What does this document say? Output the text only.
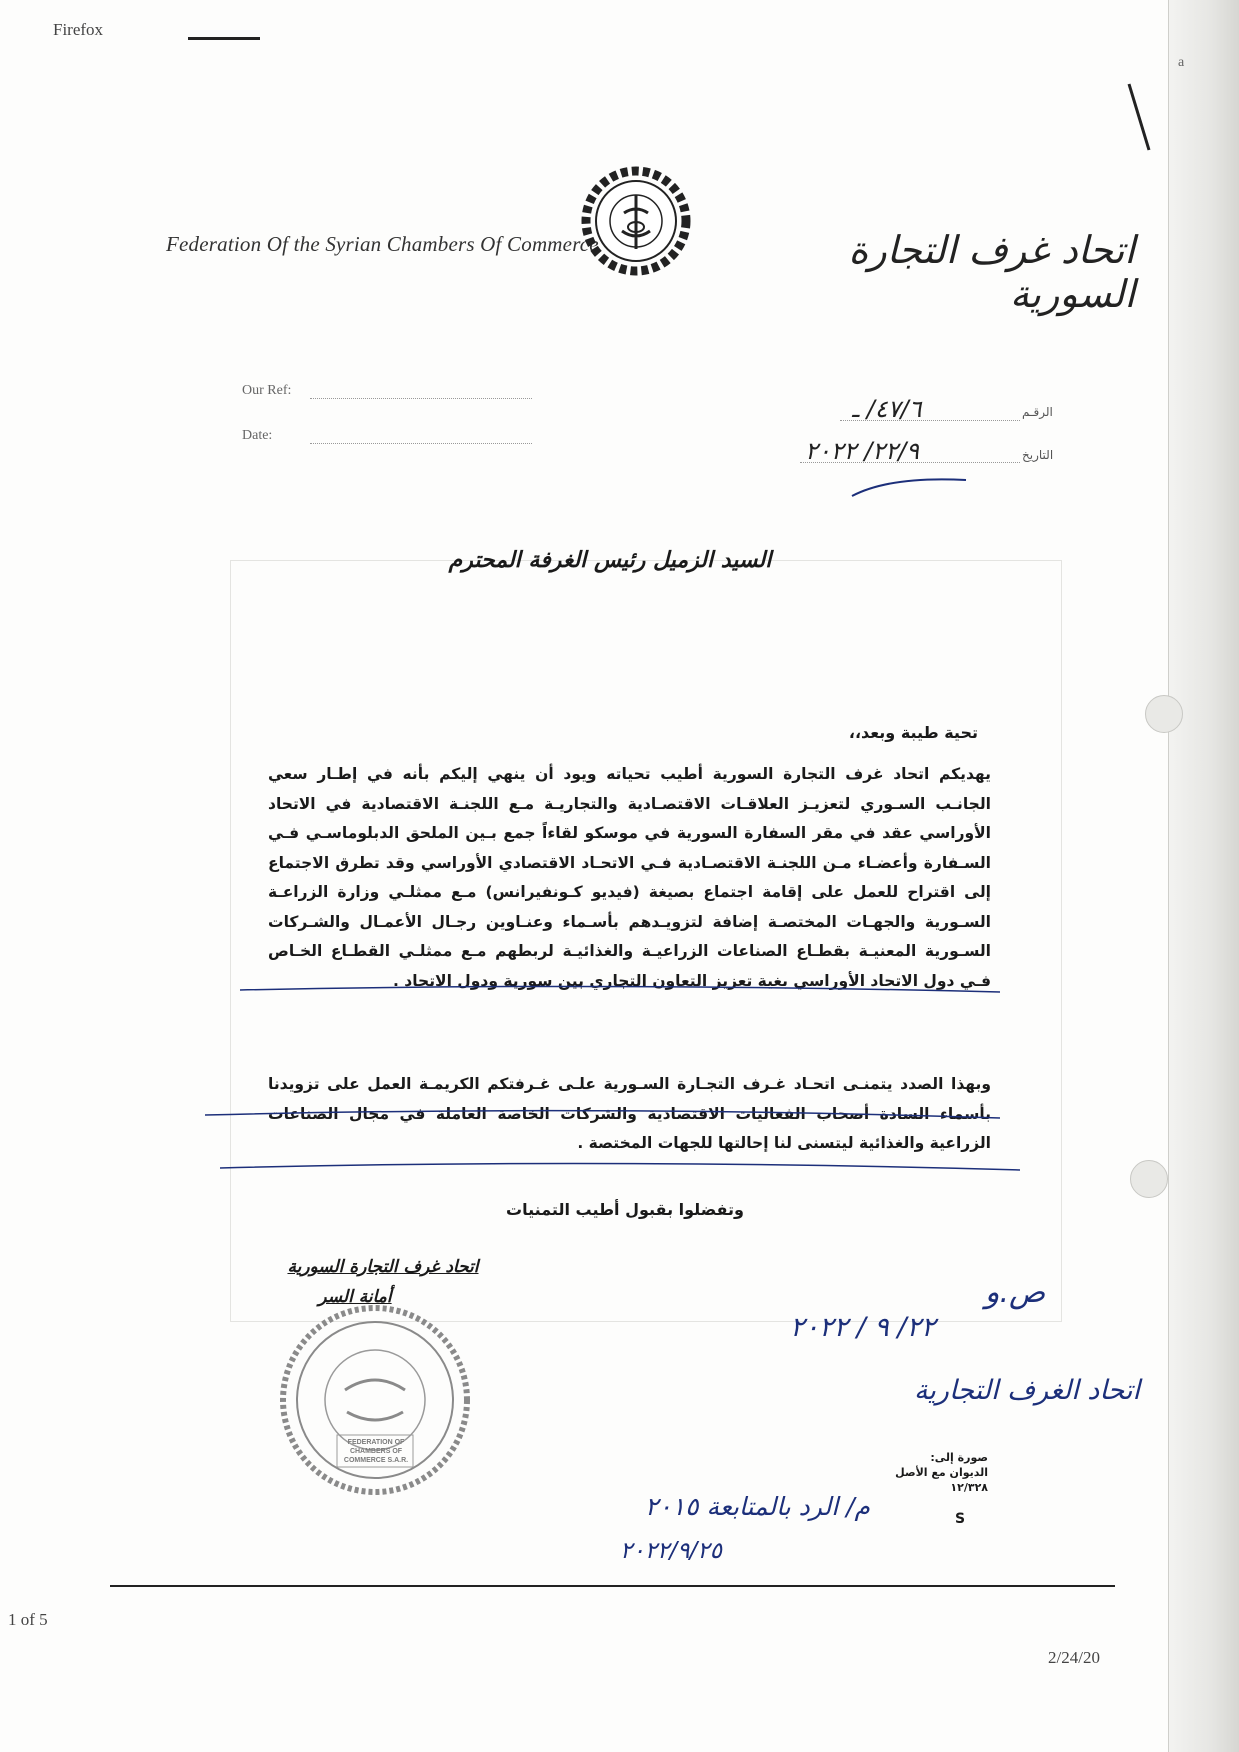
Firefox
a
Federation Of the Syrian Chambers Of Commerce	اتحاد غرف التجارة السورية
Our Ref:
Date:
الرقـم
التاريخ
٤٧/٦/ ـ
٢٢/٩/ ٢٠٢٢
السيد الزميل رئيس الغرفة المحترم
تحية طيبة وبعد،،
يهديكم اتحاد غرف التجارة السورية أطيب تحياته ويود أن ينهي إليكم بأنه في إطـار سعي الجانـب السـوري لتعزيـز العلاقـات الاقتصـادية والتجاريـة مـع اللجنـة الاقتصادية في الاتحاد الأوراسي عقد في مقر السفارة السورية في موسكو لقاءاً جمع بـين الملحق الدبلوماسـي فـي السـفارة وأعضـاء مـن اللجنـة الاقتصـادية فـي الاتحـاد الاقتصادي الأوراسي وقد تطرق الاجتماع إلى اقتراح للعمل على إقامة اجتماع بصيغة (فيديو كـونفيرانس) مـع ممثلـي وزارة الزراعـة السـورية والجهـات المختصـة إضافة لتزويـدهم بأسـماء وعنـاوين رجـال الأعمـال والشـركات السـورية المعنيـة بقطـاع الصناعات الزراعيـة والغذائيـة لربطهم مـع ممثلـي القطـاع الخـاص فـي دول الاتحاد الأوراسي بغية تعزيز التعاون التجاري بين سورية ودول الاتحاد .
وبهذا الصدد يتمنـى اتحـاد غـرف التجـارة السـورية علـى غـرفتكم الكريمـة العمل على تزويدنا بأسماء السادة أصحاب الفعاليات الاقتصادية والشركات الخاصة العاملة في مجال الصناعات الزراعية والغذائية ليتسنى لنا إحالتها للجهات المختصة .
وتفضلوا بقبول أطيب التمنيات
اتحاد غرف التجارة السورية
أمانة السر
FEDERATION OF CHAMBERS OF COMMERCE S.A.R.	صورة إلى:
الديوان مع الأصل
١٢/٣٢٨
S
ص.و
٢٢/ ٩ / ٢٠٢٢
اتحاد الغرف التجارية
م/ الرد بالمتابعة ٢٠١٥
٢٠٢٢/٩/٢٥
1 of 5
2/24/20
